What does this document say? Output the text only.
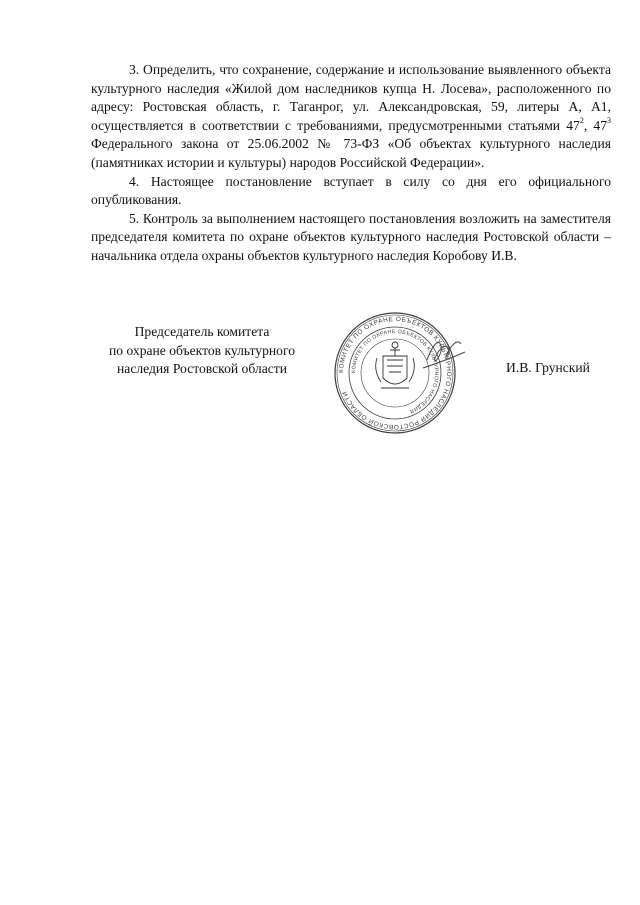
3. Определить, что сохранение, содержание и использование выявленного объекта культурного наследия «Жилой дом наследников купца Н. Лосева», расположенного по адресу: Ростовская область, г. Таганрог, ул. Александровская, 59, литеры А, А1, осуществляется в соответствии с требованиями, предусмотренными статьями $47^2$, $47^3$ Федерального закона от 25.06.2002 № 73-ФЗ «Об объектах культурного наследия (памятниках истории и культуры) народов Российской Федерации».

4. Настоящее постановление вступает в силу со дня его официального опубликования.

5. Контроль за выполнением настоящего постановления возложить на заместителя председателя комитета по охране объектов культурного наследия Ростовской области – начальника отдела охраны объектов культурного наследия Коробову И.В.

Председатель комитета
по охране объектов культурного
наследия Ростовской области	КОМИТЕТ ПО ОХРАНЕ ОБЪЕКТОВ КУЛЬТУРНОГО НАСЛЕДИЯ РОСТОВСКОЙ ОБЛАСТИ
КОМИТЕТ ПО ОХРАНЕ ОБЪЕКТОВ КУЛЬТУРНОГО НАСЛЕДИЯ
И.В. Грунский
